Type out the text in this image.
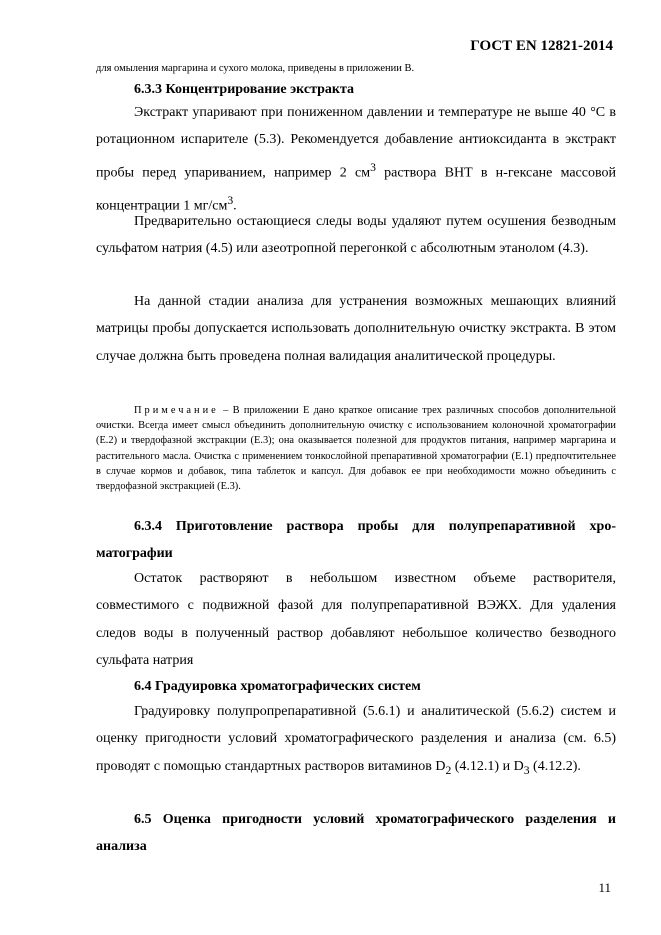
ГОСТ EN 12821-2014
для омыления маргарина и сухого молока, приведены в приложении В.

6.3.3 Концентрирование экстракта

Экстракт упаривают при пониженном давлении и температуре не выше 40 °C в ротационном испарителе (5.3). Рекомендуется добавление антиоксиданта в экстракт пробы перед упариванием, например 2 $см^3$ раствора ВНТ в н-гексане массовой концентрации 1 $мг/см^3$.

Предварительно остающиеся следы воды удаляют путем осушения безводным сульфатом натрия (4.5) или азеотропной перегонкой с абсолютным этанолом (4.3).

На данной стадии анализа для устранения возможных мешающих влияний матрицы пробы допускается использовать дополнительную очистку экстракта. В этом случае должна быть проведена полная валидация аналитической процедуры.

Примечание – В приложении Е дано краткое описание трех различных способов дополнительной очистки. Всегда имеет смысл объединить дополнительную очистку с использованием колоночной хроматографии (Е.2) и твердофазной экстракции (Е.3); она оказывается полезной для продуктов питания, например маргарина и растительного масла. Очистка с применением тонкослойной препаративной хроматографии (Е.1) предпочтительнее в случае кормов и добавок, типа таблеток и капсул. Для добавок ее при необходимости можно объединить с твердофазной экстракцией (Е.3).

6.3.4 Приготовление раствора пробы для полупрепаративной хроматографии

Остаток растворяют в небольшом известном объеме растворителя, совместимого с подвижной фазой для полупрепаративной ВЭЖХ. Для удаления следов воды в полученный раствор добавляют небольшое количество безводного сульфата натрия

6.4 Градуировка хроматографических систем

Градуировку полупропрепаративной (5.6.1) и аналитической (5.6.2) систем и оценку пригодности условий хроматографического разделения и анализа (см. 6.5) проводят с помощью стандартных растворов витаминов $D_2$ (4.12.1) и $D_3$ (4.12.2).

6.5 Оценка пригодности условий хроматографического разделения и анализа

11
